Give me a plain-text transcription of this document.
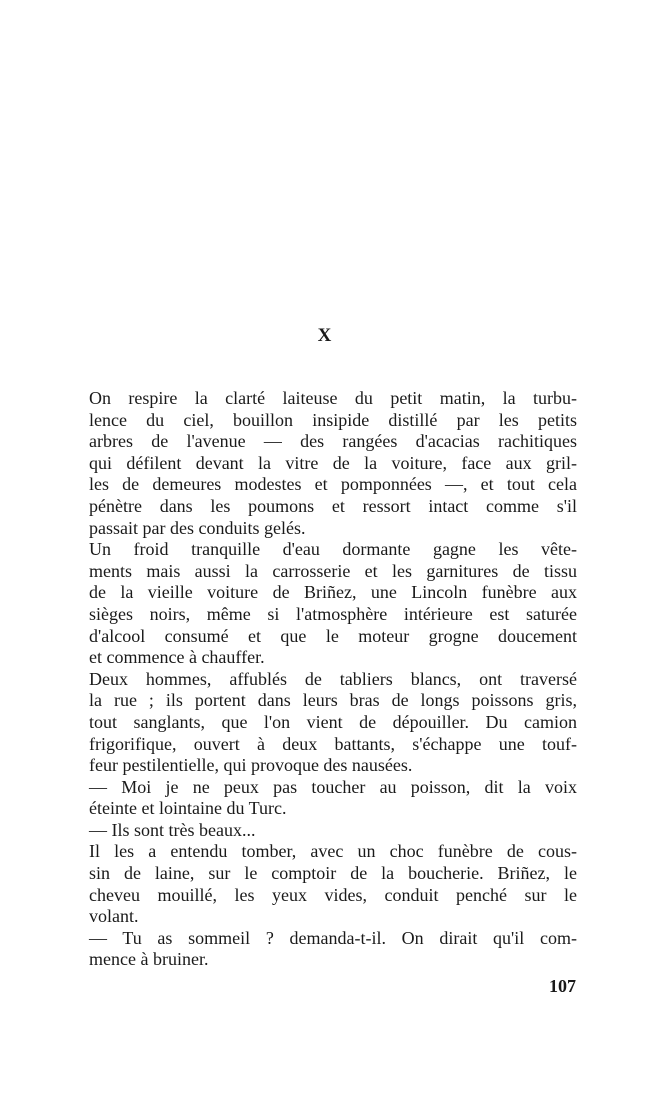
X
On respire la clarté laiteuse du petit matin, la turbu-
lence du ciel, bouillon insipide distillé par les petits
arbres de l'avenue — des rangées d'acacias rachitiques
qui défilent devant la vitre de la voiture, face aux gril-
les de demeures modestes et pomponnées —, et tout cela
pénètre dans les poumons et ressort intact comme s'il
passait par des conduits gelés.
Un froid tranquille d'eau dormante gagne les vête-
ments mais aussi la carrosserie et les garnitures de tissu
de la vieille voiture de Briñez, une Lincoln funèbre aux
sièges noirs, même si l'atmosphère intérieure est saturée
d'alcool consumé et que le moteur grogne doucement
et commence à chauffer.
Deux hommes, affublés de tabliers blancs, ont traversé
la rue ; ils portent dans leurs bras de longs poissons gris,
tout sanglants, que l'on vient de dépouiller. Du camion
frigorifique, ouvert à deux battants, s'échappe une touf-
feur pestilentielle, qui provoque des nausées.
— Moi je ne peux pas toucher au poisson, dit la voix
éteinte et lointaine du Turc.
— Ils sont très beaux...
Il les a entendu tomber, avec un choc funèbre de cous-
sin de laine, sur le comptoir de la boucherie. Briñez, le
cheveu mouillé, les yeux vides, conduit penché sur le
volant.
— Tu as sommeil ? demanda-t-il. On dirait qu'il com-
mence à bruiner.
107
